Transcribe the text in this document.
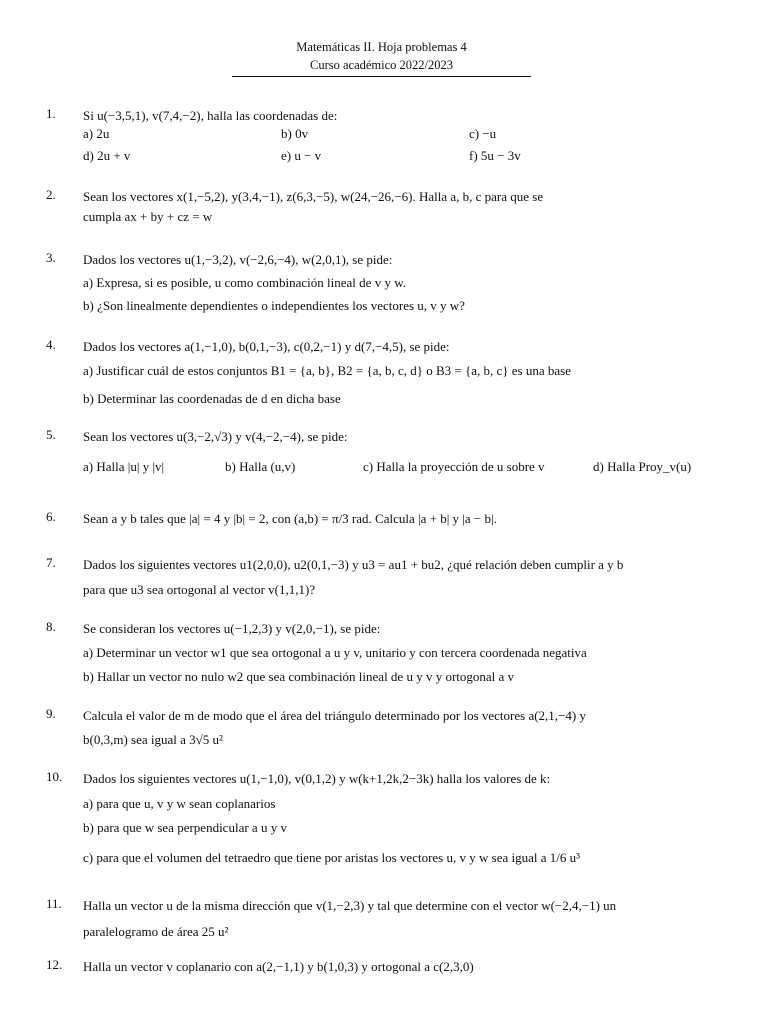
Matemáticas II. Hoja problemas 4
Curso académico 2022/2023
1. Si u(−3,5,1), v(7,4,−2), halla las coordenadas de:
a) 2u	b) 0v	c) −u
d) 2u + v	e) u − v	f) 5u − 3v
2. Sean los vectores x(1,−5,2), y(3,4,−1), z(6,3,−5), w(24,−26,−6). Halla a, b, c para que se
cumpla ax + by + cz = w
3. Dados los vectores u(1,−3,2), v(−2,6,−4), w(2,0,1), se pide:
a) Expresa, si es posible, u como combinación lineal de v y w.
b) ¿Son linealmente dependientes o independientes los vectores u, v y w?
4. Dados los vectores a(1,−1,0), b(0,1,−3), c(0,2,−1) y d(7,−4,5), se pide:
a) Justificar cuál de estos conjuntos B1 = {a, b}, B2 = {a, b, c, d} o B3 = {a, b, c} es una base
b) Determinar las coordenadas de d en dicha base
5. Sean los vectores u(3,−2,√3) y v(4,−2,−4), se pide:
a) Halla |u| y |v|	b) Halla (u,v)	c) Halla la proyección de u sobre v	d) Halla Proy_v(u)
6. Sean a y b tales que |a| = 4 y |b| = 2, con (a,b) = π/3 rad. Calcula |a + b| y |a − b|.
7. Dados los siguientes vectores u1(2,0,0), u2(0,1,−3) y u3 = au1 + bu2, ¿qué relación deben cumplir a y b
para que u3 sea ortogonal al vector v(1,1,1)?
8. Se consideran los vectores u(−1,2,3) y v(2,0,−1), se pide:
a) Determinar un vector w1 que sea ortogonal a u y v, unitario y con tercera coordenada negativa
b) Hallar un vector no nulo w2 que sea combinación lineal de u y v y ortogonal a v
9. Calcula el valor de m de modo que el área del triángulo determinado por los vectores a(2,1,−4) y
b(0,3,m) sea igual a 3√5 u²
10. Dados los siguientes vectores u(1,−1,0), v(0,1,2) y w(k+1,2k,2−3k) halla los valores de k:
a) para que u, v y w sean coplanarios
b) para que w sea perpendicular a u y v
c) para que el volumen del tetraedro que tiene por aristas los vectores u, v y w sea igual a 1/6 u³
11. Halla un vector u de la misma dirección que v(1,−2,3) y tal que determine con el vector w(−2,4,−1) un
paralelogramo de área 25 u²
12. Halla un vector v coplanario con a(2,−1,1) y b(1,0,3) y ortogonal a c(2,3,0)
